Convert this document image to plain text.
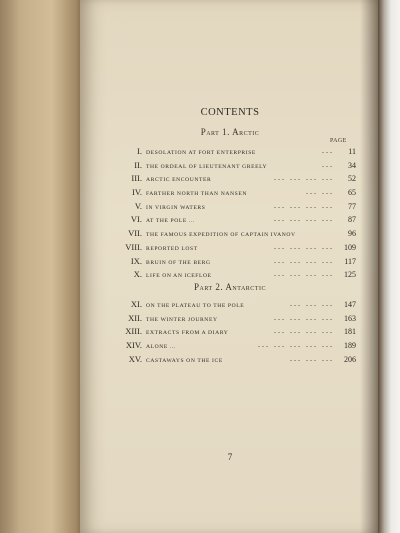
CONTENTS
Part 1. Arctic
PAGE
I. DESOLATION AT FORT ENTERPRISE	...	11
II. THE ORDEAL OF LIEUTENANT GREELY	...	34
III. ARCTIC ENCOUNTER	... ... ... ...	52
IV. FARTHER NORTH THAN NANSEN	... ...	65
V. IN VIRGIN WATERS	... ... ... ...	77
VI. AT THE POLE ...	... ... ... ...	87
VII. THE FAMOUS EXPEDITION OF CAPTAIN IVANOV	96
VIII. REPORTED LOST	... ... ... ...	109
IX. BRUIN OF THE BERG	... ... ... ...	117
X. LIFE ON AN ICEFLOE	... ... ... ...	125
Part 2. Antarctic
XI. ON THE PLATEAU TO THE POLE	... ... ...	147
XII. THE WINTER JOURNEY	... ... ... ...	163
XIII. EXTRACTS FROM A DIARY	... ... ... ...	181
XIV. ALONE ...	... ... ... ... ...	189
XV. CASTAWAYS ON THE ICE	... ... ...	206
7
